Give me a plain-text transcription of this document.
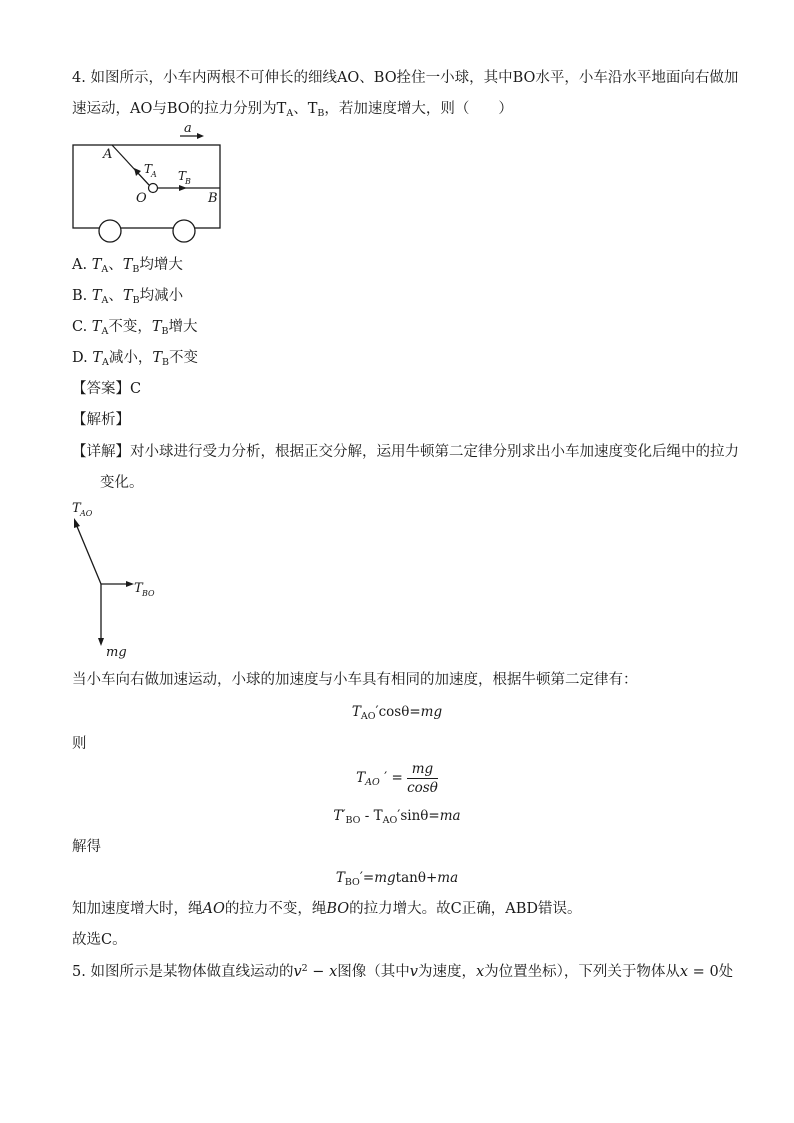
4. 如图所示，小车内两根不可伸长的细线AO、BO拴住一小球，其中BO水平，小车沿水平地面向右做加
速运动，AO与BO的拉力分别为$T_A$、$T_B$，若加速度增大，则（　　）
a
A
T
A T
B
O	B
A. $T_A$、$T_B$均增大
B. $T_A$、$T_B$均减小
C. $T_A$不变，$T_B$增大
D. $T_A$减小，$T_B$不变
【答案】C
【解析】
【详解】对小球进行受力分析，根据正交分解，运用牛顿第二定律分别求出小车加速度变化后绳中的拉力
变化。
T AO
T BO
mg
当小车向右做加速运动，小球的加速度与小车具有相同的加速度，根据牛顿第二定律有：
$T_{AO}'\cos\theta=mg$
则
$T_{AO}$ ′ = $\frac{mg}{\cos\theta}$
$T'_{BO} - T_{AO}'\sin\theta=ma$
解得
$T_{BO}'=mgtan\theta+ma$
知加速度增大时，绳AO的拉力不变，绳BO的拉力增大。故C正确，ABD错误。
故选C。
5. 如图所示是某物体做直线运动的$v^2 - x$图像（其中v为速度，x为位置坐标），下列关于物体从x = 0处
